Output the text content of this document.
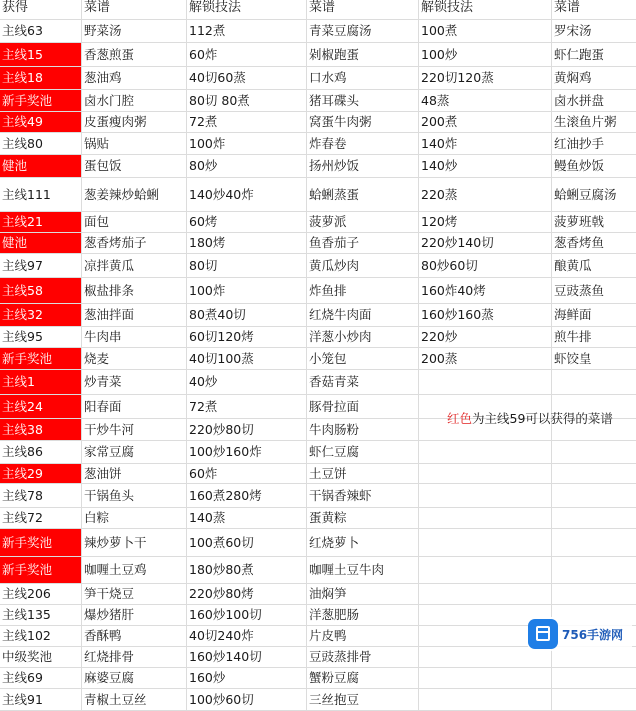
获得	菜谱	解锁技法	菜谱	解锁技法	菜谱
主线63	野菜汤	112煮	青菜豆腐汤	100煮	罗宋汤
主线15	香葱煎蛋	60炸	剁椒跑蛋	100炒	虾仁跑蛋
主线18	葱油鸡	40切60蒸	口水鸡	220切120蒸	黄焖鸡
新手奖池	卤水门腔	80切 80煮	猪耳碟头	48蒸	卤水拼盘
主线49	皮蛋瘦肉粥	72煮	窝蛋牛肉粥	200煮	生滚鱼片粥
主线80	锅贴	100炸	炸春卷	140炸	红油抄手
健池	蛋包饭	80炒	扬州炒饭	140炒	鳗鱼炒饭
主线111	葱姜辣炒蛤蜊	140炒40炸	蛤蜊蒸蛋	220蒸	蛤蜊豆腐汤
主线21	面包	60烤	菠萝派	120烤	菠萝班戟
健池	葱香烤茄子	180烤	鱼香茄子	220炒140切	葱香烤鱼
主线97	凉拌黄瓜	80切	黄瓜炒肉	80炒60切	酿黄瓜
主线58	椒盐排条	100炸	炸鱼排	160炸40烤	豆豉蒸鱼
主线32	葱油拌面	80煮40切	红烧牛肉面	160炒160蒸	海鲜面
主线95	牛肉串	60切120烤	洋葱小炒肉	220炒	煎牛排
新手奖池	烧麦	40切100蒸	小笼包	200蒸	虾饺皇
主线1	炒青菜	40炒	香菇青菜
主线24	阳春面	72煮	豚骨拉面
主线38	干炒牛河	220炒80切	牛肉肠粉
主线86	家常豆腐	100炒160炸	虾仁豆腐
主线29	葱油饼	60炸	土豆饼
主线78	干锅鱼头	160煮280烤	干锅香辣虾
主线72	白粽	140蒸	蛋黄粽
新手奖池	辣炒萝卜干	100煮60切	红烧萝卜
新手奖池	咖喱土豆鸡	180炒80煮	咖喱土豆牛肉
主线206	笋干烧豆	220炒80烤	油焖笋
主线135	爆炒猪肝	160炒100切	洋葱肥肠
主线102	香酥鸭	40切240炸	片皮鸭
中级奖池	红烧排骨	160炒140切	豆豉蒸排骨
主线69	麻婆豆腐	160炒	蟹粉豆腐
主线91	青椒土豆丝	100炒60切	三丝抱豆
红色为主线59可以获得的菜谱
756手游网
